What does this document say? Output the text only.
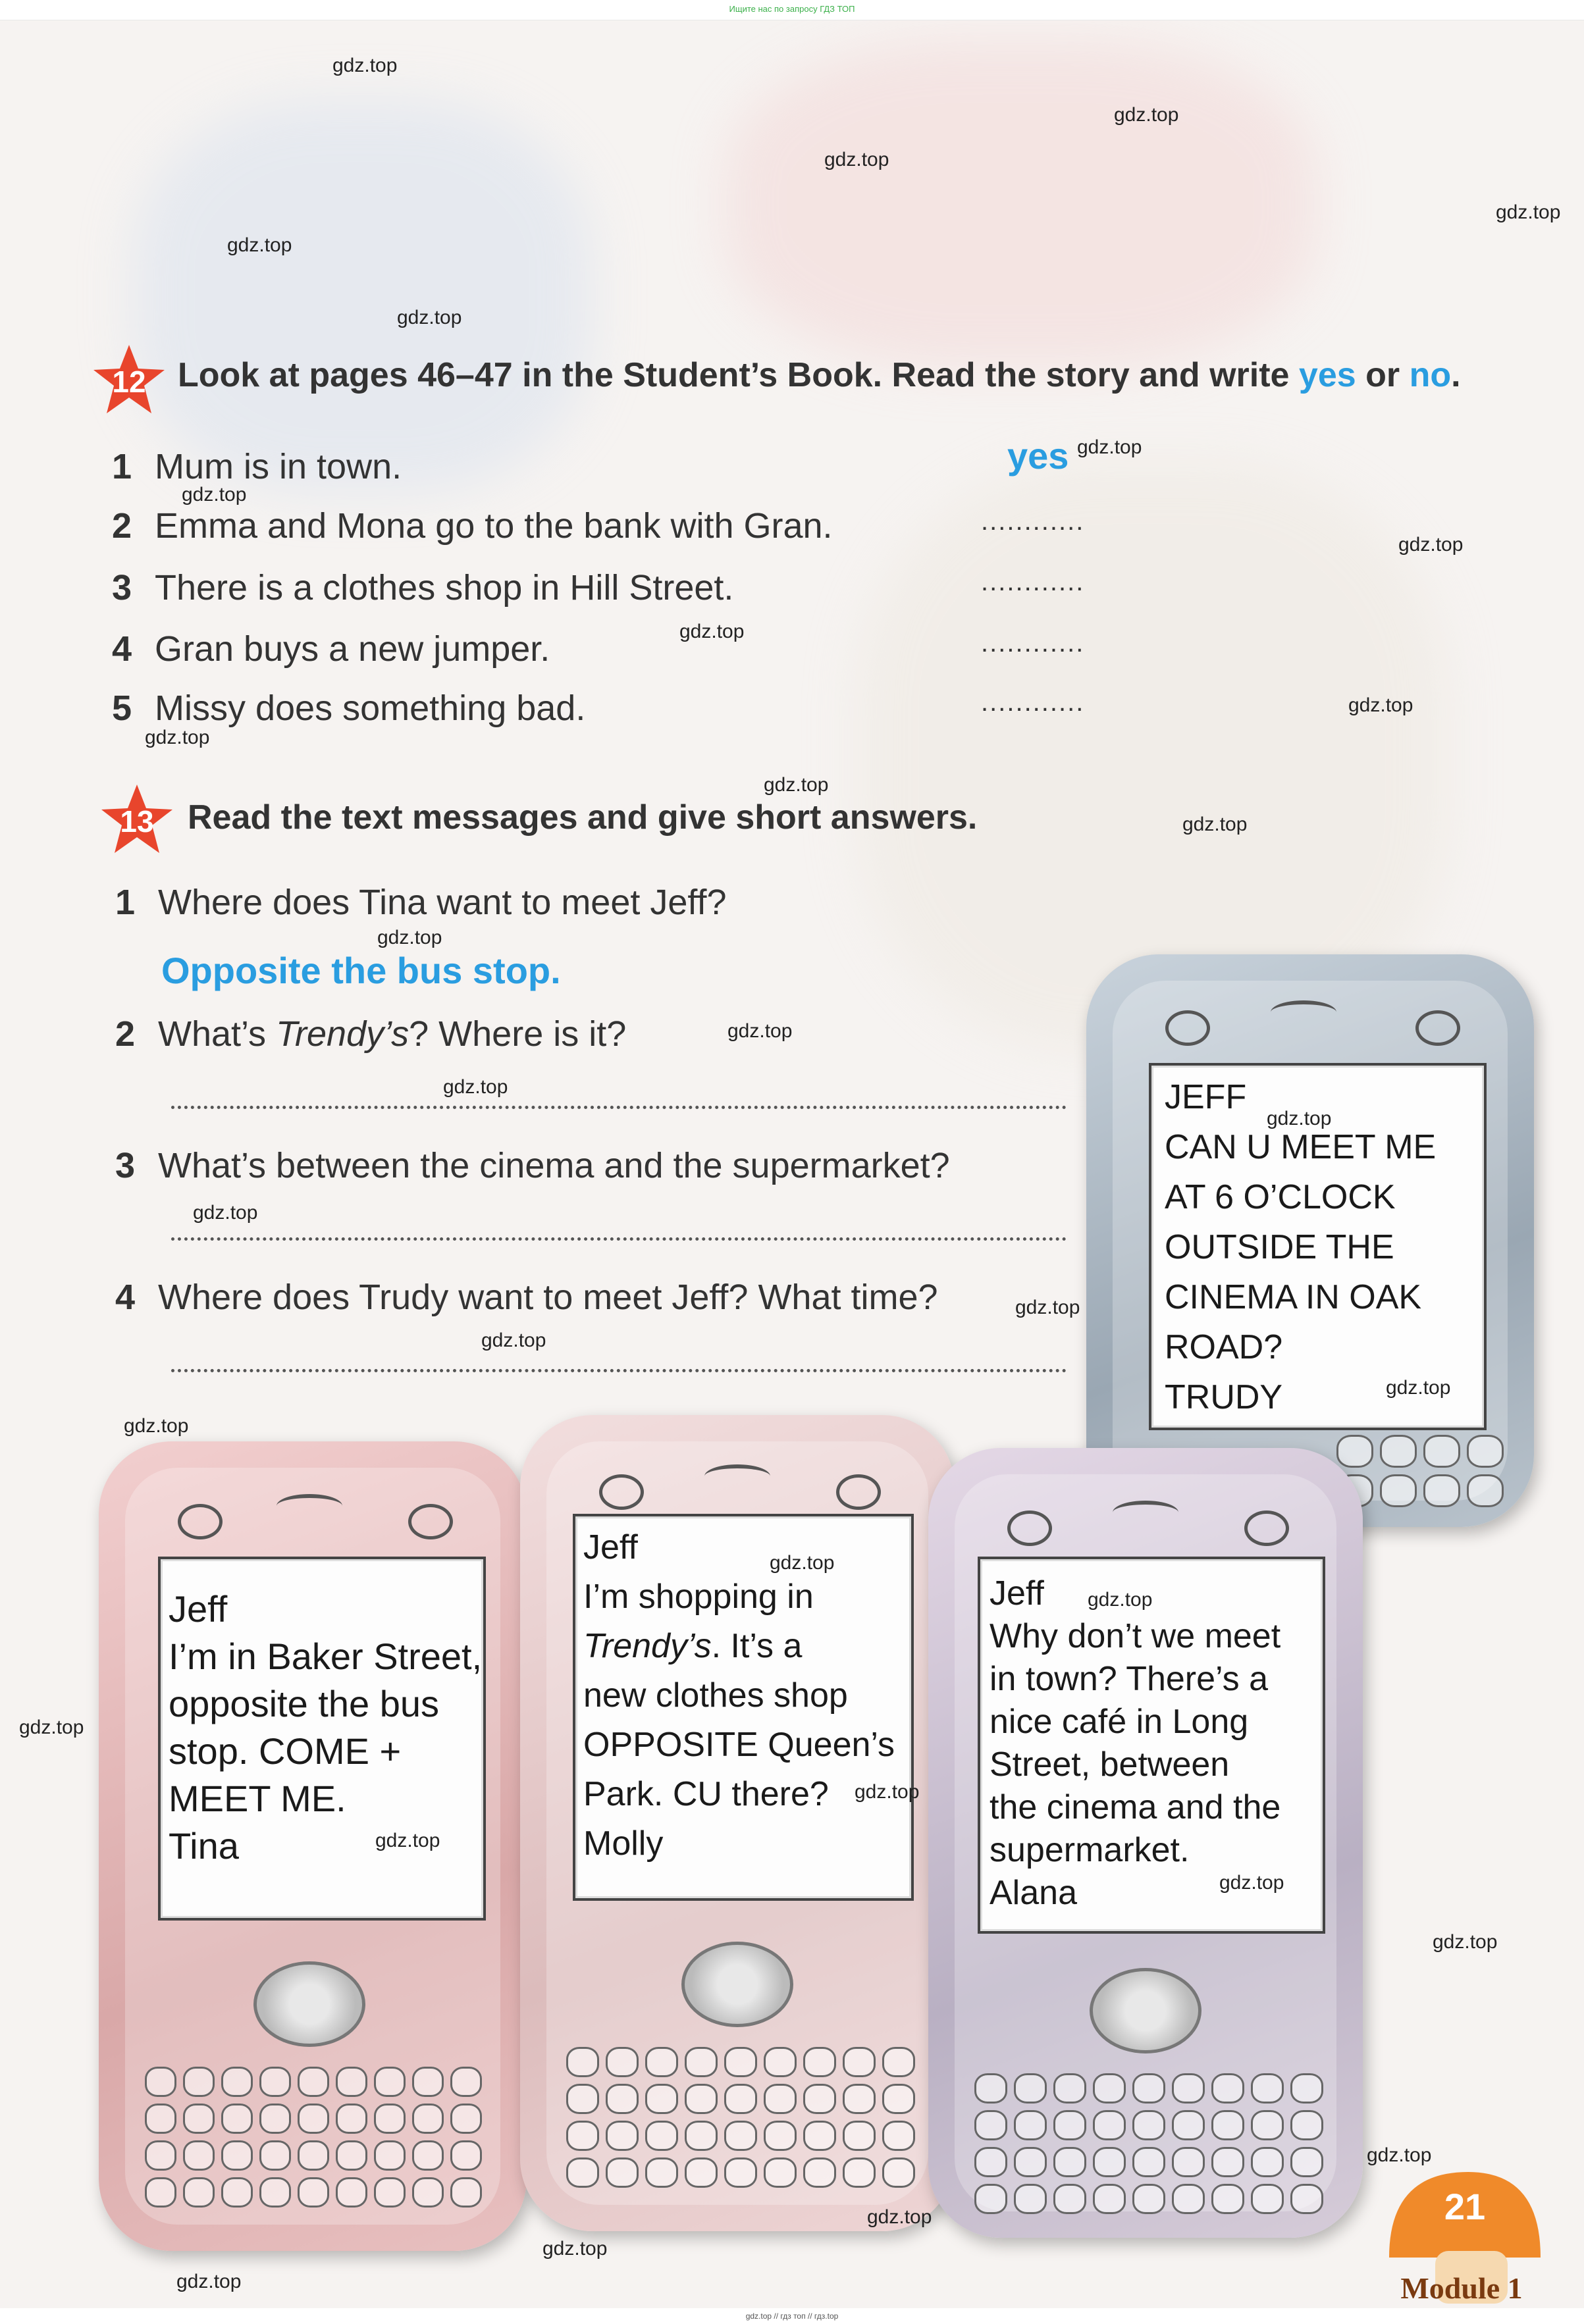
Ищите нас по запросу ГДЗ ТОП
gdz.top // гдз топ // гдз.top
12 Look at pages 46–47 in the Student’s Book. Read the story and write yes or no.
1 Mum is in town.	yes
2 Emma and Mona go to the bank with Gran.	............
3 There is a clothes shop in Hill Street.	............
4 Gran buys a new jumper.	............
5 Missy does something bad.	............
13 Read the text messages and give short answers.
1 Where does Tina want to meet Jeff?
Opposite the bus stop.
2 What’s Trendy’s? Where is it?
3 What’s between the cinema and the supermarket?
4 Where does Trudy want to meet Jeff? What time?
JEFF
CAN U MEET ME
AT 6 O’CLOCK
OUTSIDE THE
CINEMA IN OAK
ROAD?
TRUDY
Jeff
I’m in Baker Street,
opposite the bus
stop. COME +
MEET ME.
Tina
Jeff
I’m shopping in
Trendy’s. It’s a
new clothes shop
OPPOSITE Queen’s
Park. CU there?
Molly
Jeff
Why don’t we meet
in town? There’s a
nice café in Long
Street, between
the cinema and the
supermarket.
Alana
21
Module 1
gdz.top
gdz.top
gdz.top
gdz.top
gdz.top
gdz.top
gdz.top
gdz.top
gdz.top
gdz.top
gdz.top
gdz.top
gdz.top
gdz.top
gdz.top
gdz.top
gdz.top
gdz.top
gdz.top
gdz.top
gdz.top
gdz.top
gdz.top
gdz.top
gdz.top
gdz.top
gdz.top
gdz.top
gdz.top
gdz.top
gdz.top
gdz.top
gdz.top
gdz.top
